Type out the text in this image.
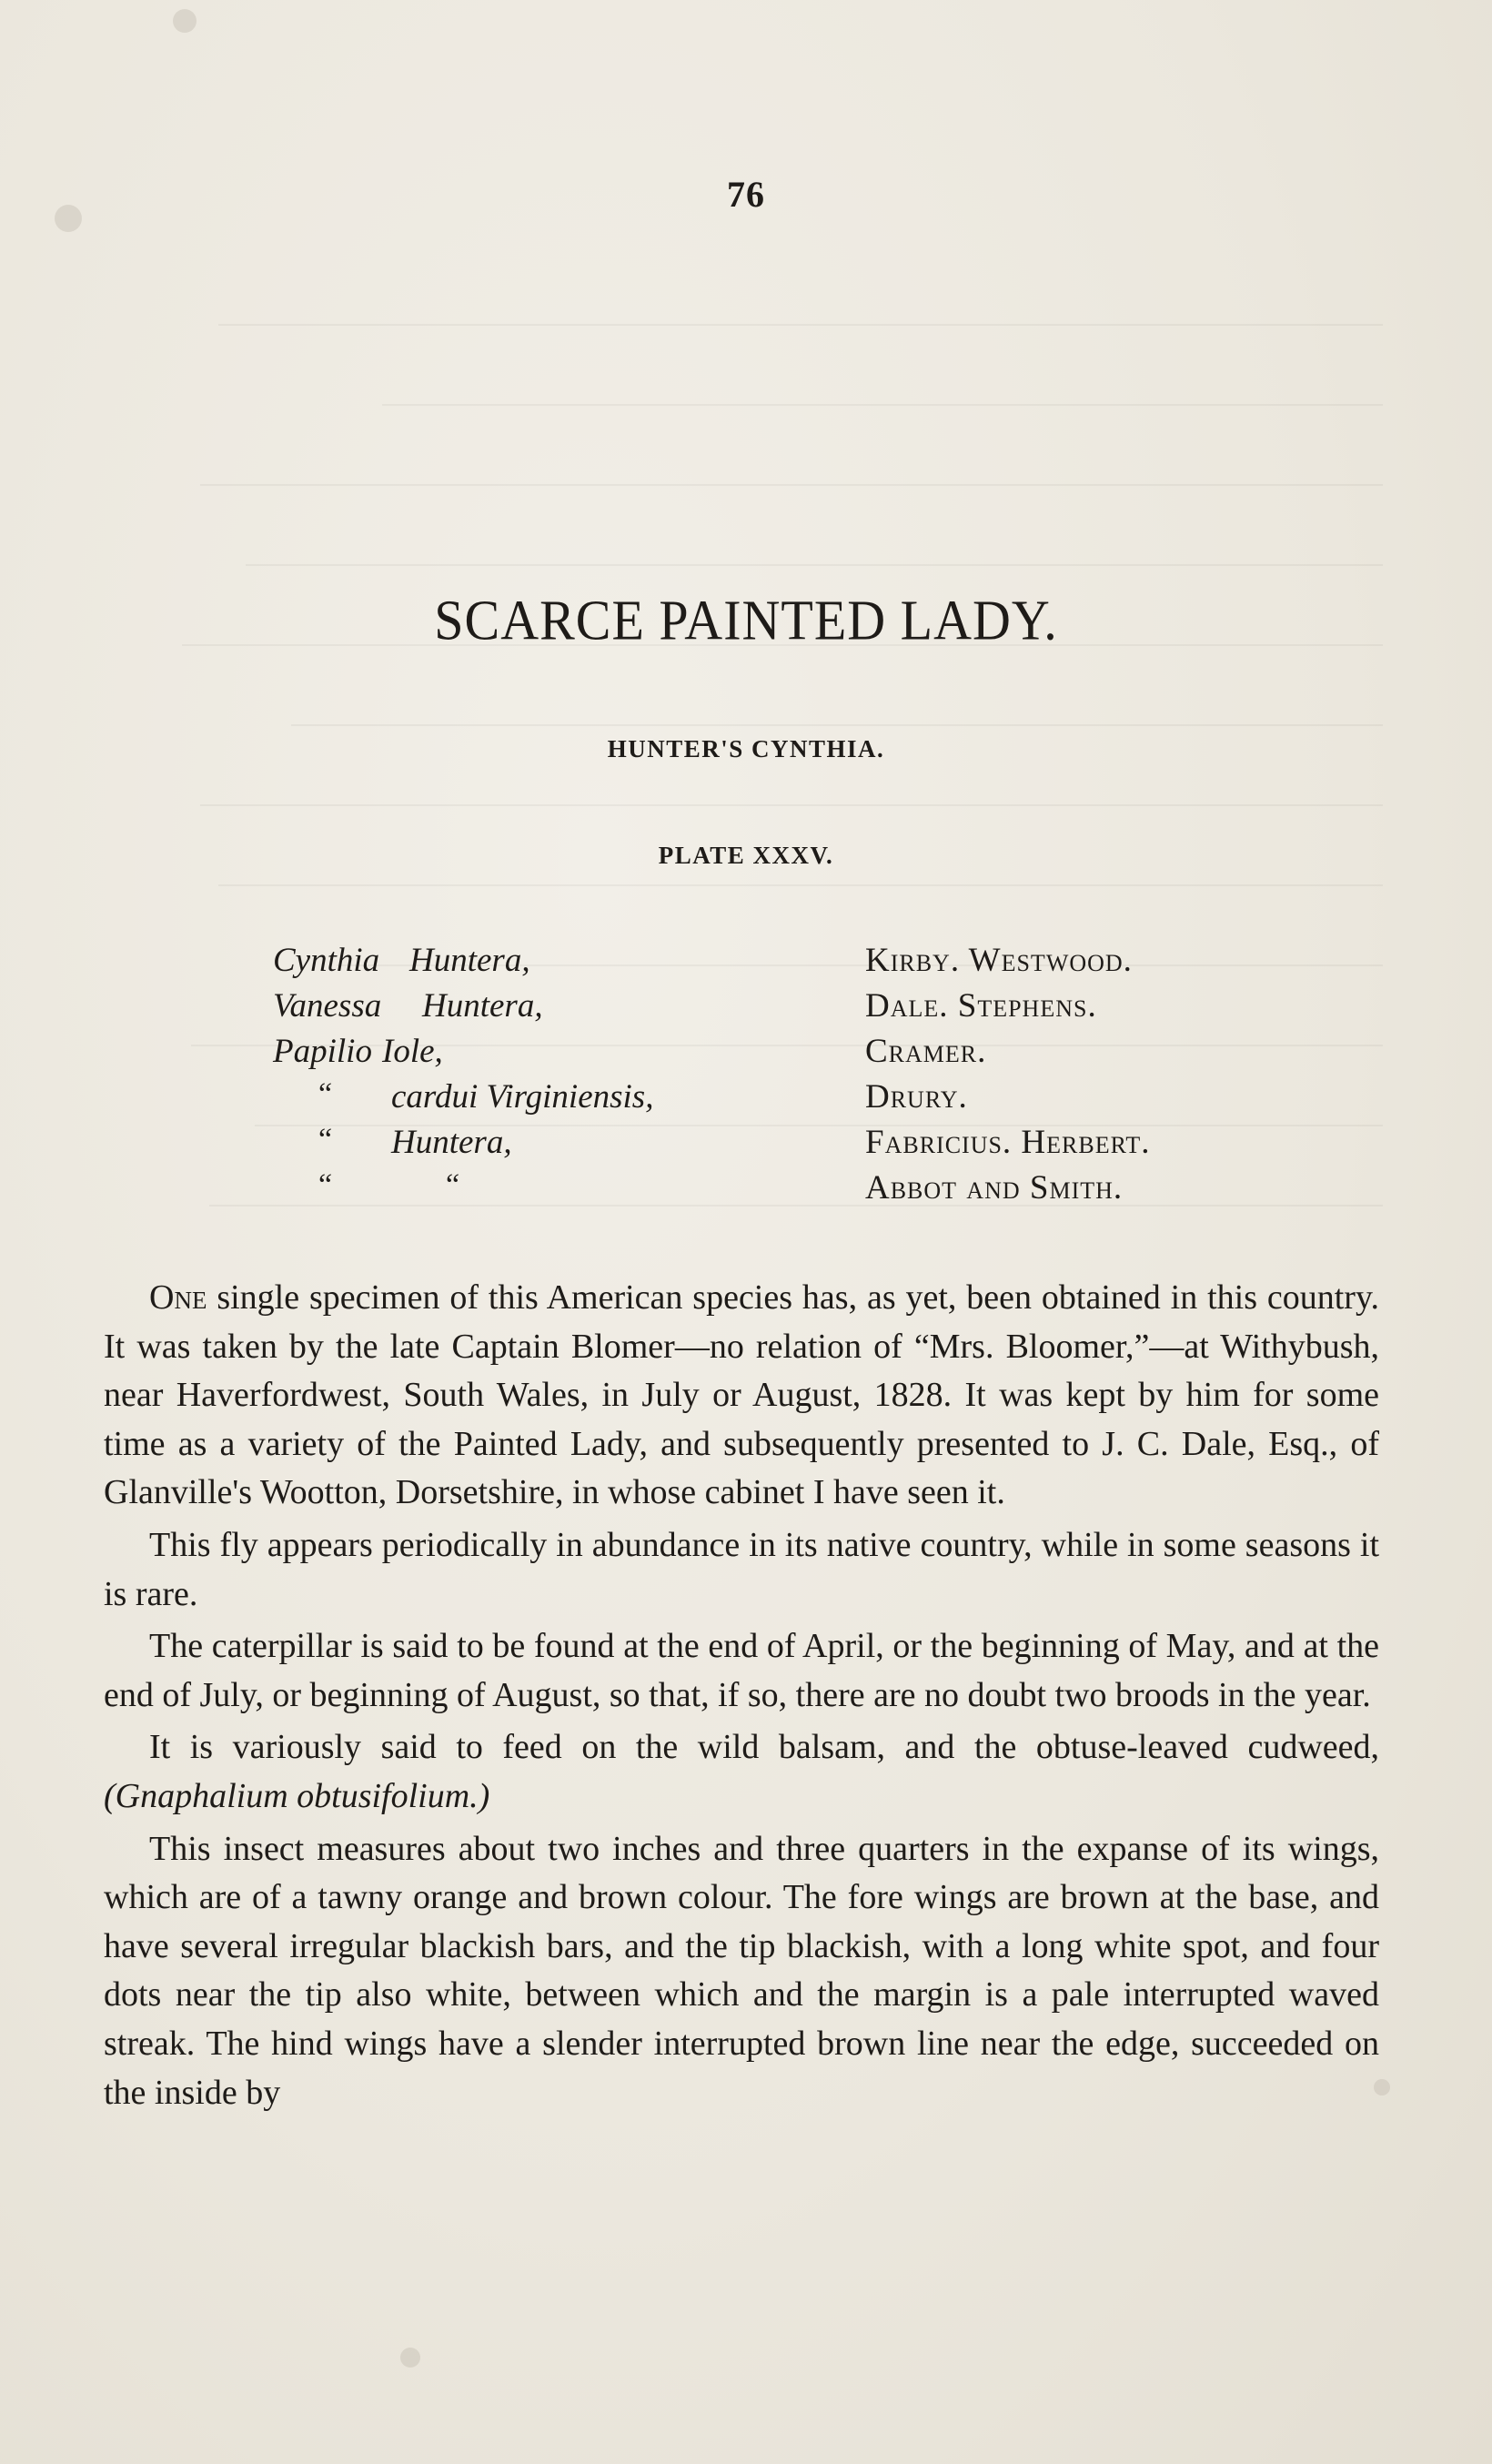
76
SCARCE PAINTED LADY.
HUNTER'S CYNTHIA.
PLATE XXXV.
Cynthia Huntera,	Kirby. Westwood.
Vanessa Huntera,	Dale. Stephens.
Papilio Iole,	Cramer.
“ cardui Virginiensis,	Drury.
“ Huntera,	Fabricius. Herbert.
“	“	Abbot and Smith.

One single specimen of this American species has, as yet, been obtained in this country. It was taken by the late Captain Blomer—no relation of “Mrs. Bloomer,”—at Withybush, near Haverfordwest, South Wales, in July or August, 1828. It was kept by him for some time as a variety of the Painted Lady, and subsequently presented to J. C. Dale, Esq., of Glanville's Wootton, Dorsetshire, in whose cabinet I have seen it.

This fly appears periodically in abundance in its native country, while in some seasons it is rare.

The caterpillar is said to be found at the end of April, or the beginning of May, and at the end of July, or beginning of August, so that, if so, there are no doubt two broods in the year.

It is variously said to feed on the wild balsam, and the obtuse-leaved cudweed, (Gnaphalium obtusifolium.)

This insect measures about two inches and three quarters in the expanse of its wings, which are of a tawny orange and brown colour. The fore wings are brown at the base, and have several irregular blackish bars, and the tip blackish, with a long white spot, and four dots near the tip also white, between which and the margin is a pale interrupted waved streak. The hind wings have a slender interrupted brown line near the edge, succeeded on the inside by
